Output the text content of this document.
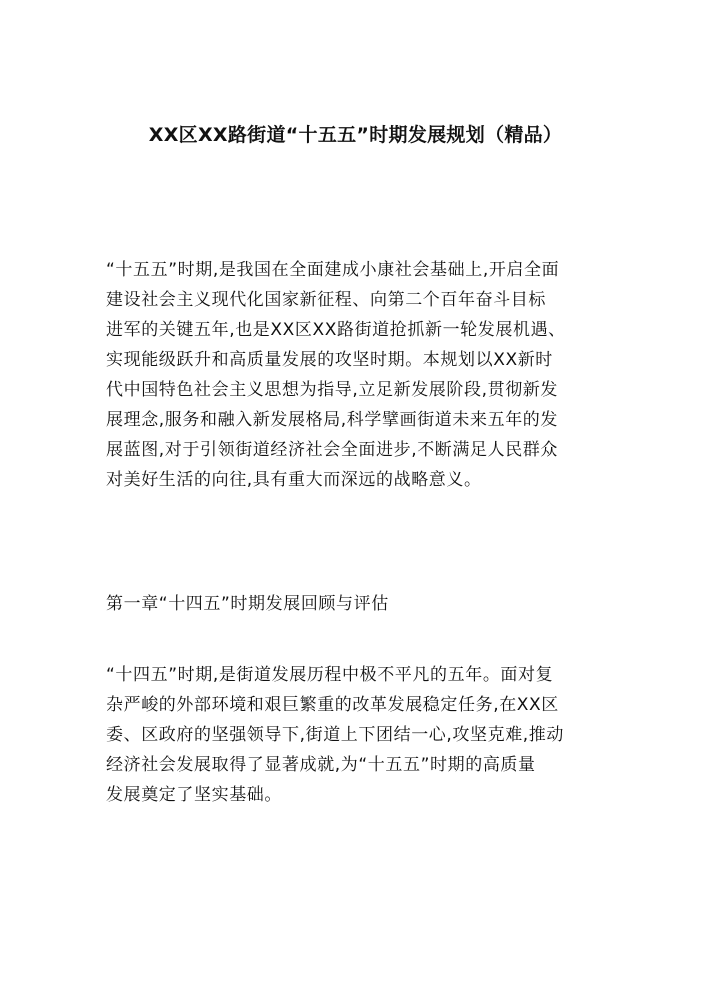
XX区XX路街道“十五五”时期发展规划（精品）
“十五五”时期,是我国在全面建成小康社会基础上,开启全面
建设社会主义现代化国家新征程、向第二个百年奋斗目标
进军的关键五年,也是XX区XX路街道抢抓新一轮发展机遇、
实现能级跃升和高质量发展的攻坚时期。本规划以XX新时
代中国特色社会主义思想为指导,立足新发展阶段,贯彻新发
展理念,服务和融入新发展格局,科学擘画街道未来五年的发
展蓝图,对于引领街道经济社会全面进步,不断满足人民群众
对美好生活的向往,具有重大而深远的战略意义。
第一章“十四五”时期发展回顾与评估
“十四五”时期,是街道发展历程中极不平凡的五年。面对复
杂严峻的外部环境和艰巨繁重的改革发展稳定任务,在XX区
委、区政府的坚强领导下,街道上下团结一心,攻坚克难,推动
经济社会发展取得了显著成就,为“十五五”时期的高质量
发展奠定了坚实基础。
